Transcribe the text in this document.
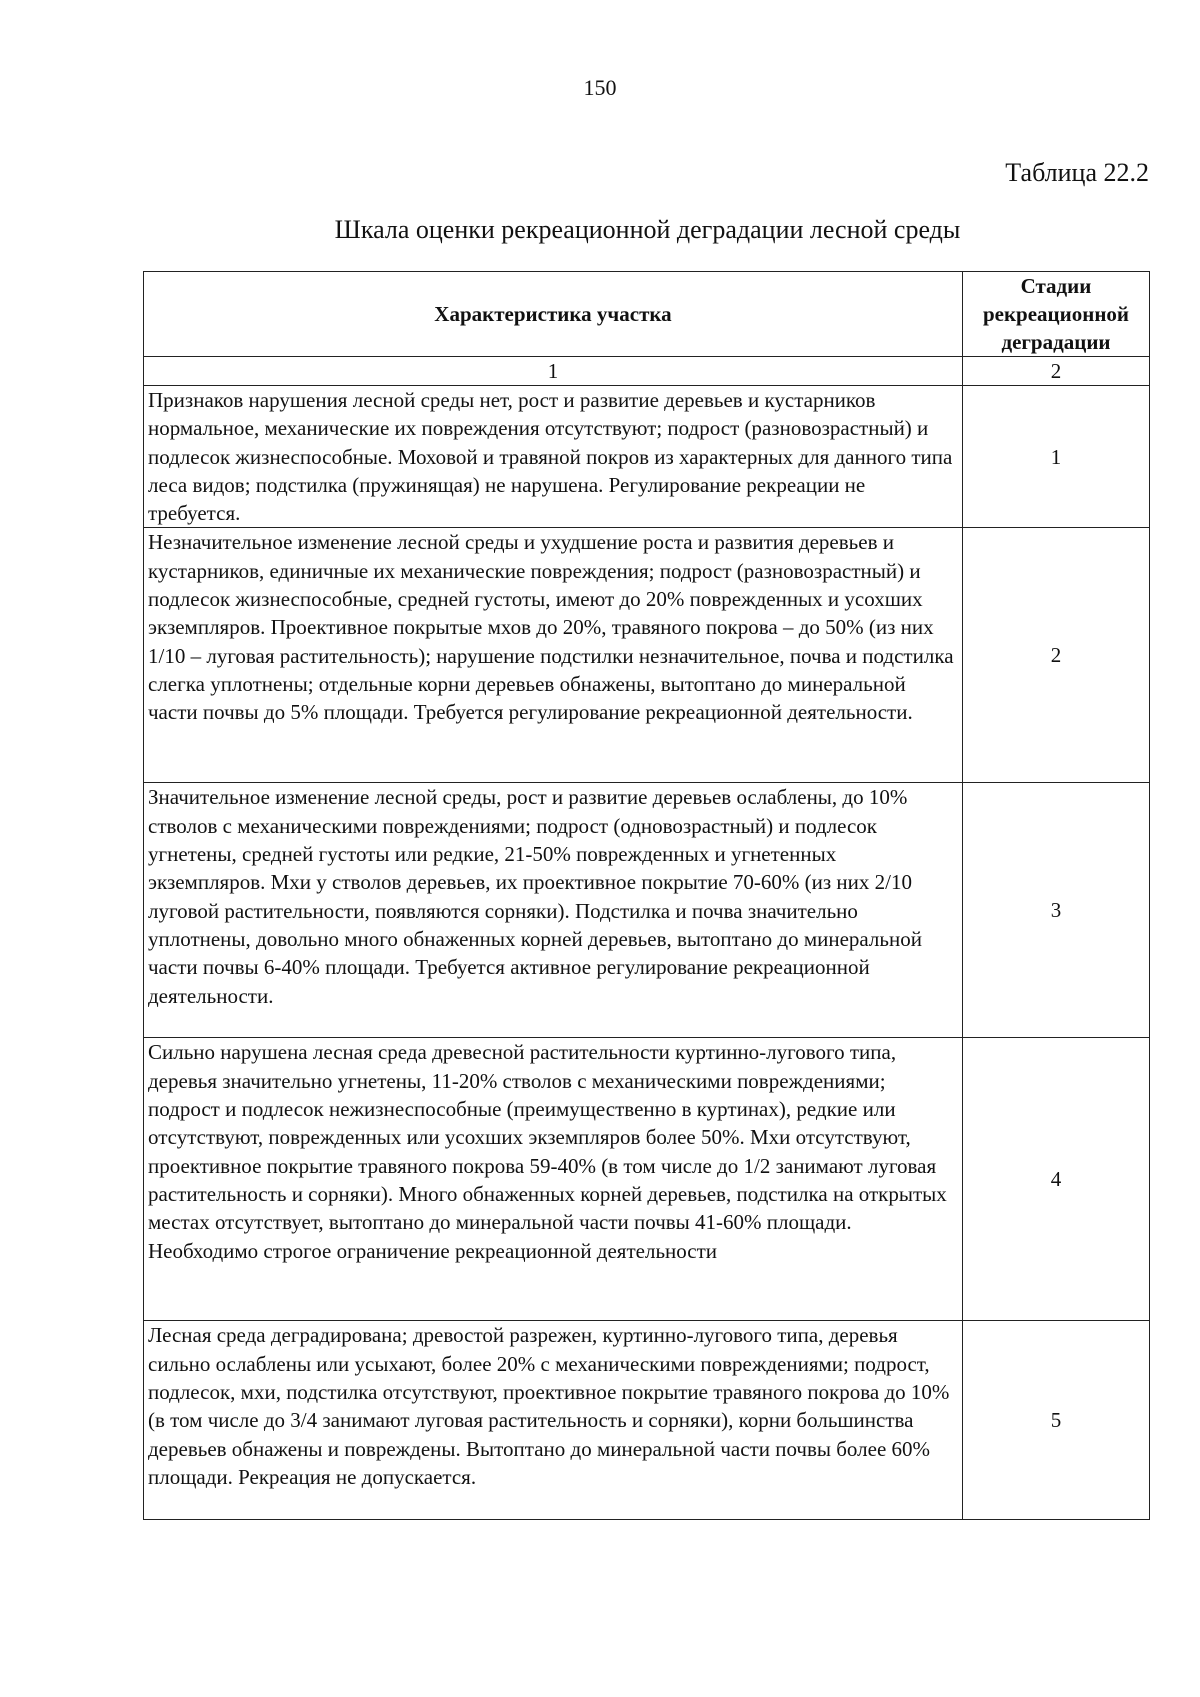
150
Таблица 22.2
Шкала оценки рекреационной деградации лесной среды
Характеристика участка	Стадии
рекреационной
деградации

1	2
Признаков нарушения лесной среды нет, рост и развитие деревьев и кустарников нормальное, механические их повреждения отсутствуют; подрост (разновозрастный) и подлесок жизнеспособные. Моховой и травяной покров из характерных для данного типа леса видов; подстилка (пружинящая) не нарушена. Регулирование рекреации не требуется.	1
Незначительное изменение лесной среды и ухудшение роста и развития деревьев и кустарников, единичные их механические повреждения; подрост (разновозрастный) и подлесок жизнеспособные, средней густоты, имеют до 20% поврежденных и усохших экземпляров. Проективное покрытые мхов до 20%, травяного покрова – до 50% (из них 1/10 – луговая растительность); нарушение подстилки незначительное, почва и подстилка слегка уплотнены; отдельные корни деревьев обнажены, вытоптано до минеральной части почвы до 5% площади. Требуется регулирование рекреационной деятельности.	2
Значительное изменение лесной среды, рост и развитие деревьев ослаблены, до 10% стволов с механическими повреждениями; подрост (одновозрастный) и подлесок угнетены, средней густоты или редкие, 21-50% поврежденных и угнетенных экземпляров. Мхи у стволов деревьев, их проективное покрытие 70-60% (из них 2/10 луговой растительности, появляются сорняки). Подстилка и почва значительно уплотнены, довольно много обнаженных корней деревьев, вытоптано до минеральной части почвы 6-40% площади. Требуется активное регулирование рекреационной деятельности.	3
Сильно нарушена лесная среда древесной растительности куртинно-лугового типа, деревья значительно угнетены, 11-20% стволов с механическими повреждениями; подрост и подлесок нежизнеспособные (преимущественно в куртинах), редкие или отсутствуют, поврежденных или усохших экземпляров более 50%. Мхи отсутствуют, проективное покрытие травяного покрова 59-40% (в том числе до 1/2 занимают луговая растительность и сорняки). Много обнаженных корней деревьев, подстилка на открытых местах отсутствует, вытоптано до минеральной части почвы 41-60% площади. Необходимо строгое ограничение рекреационной деятельности	4
Лесная среда деградирована; древостой разрежен, куртинно-лугового типа, деревья сильно ослаблены или усыхают, более 20% с механическими повреждениями; подрост, подлесок, мхи, подстилка отсутствуют, проективное покрытие травяного покрова до 10% (в том числе до 3/4 занимают луговая растительность и сорняки), корни большинства деревьев обнажены и повреждены. Вытоптано до минеральной части почвы более 60% площади. Рекреация не допускается.	5
